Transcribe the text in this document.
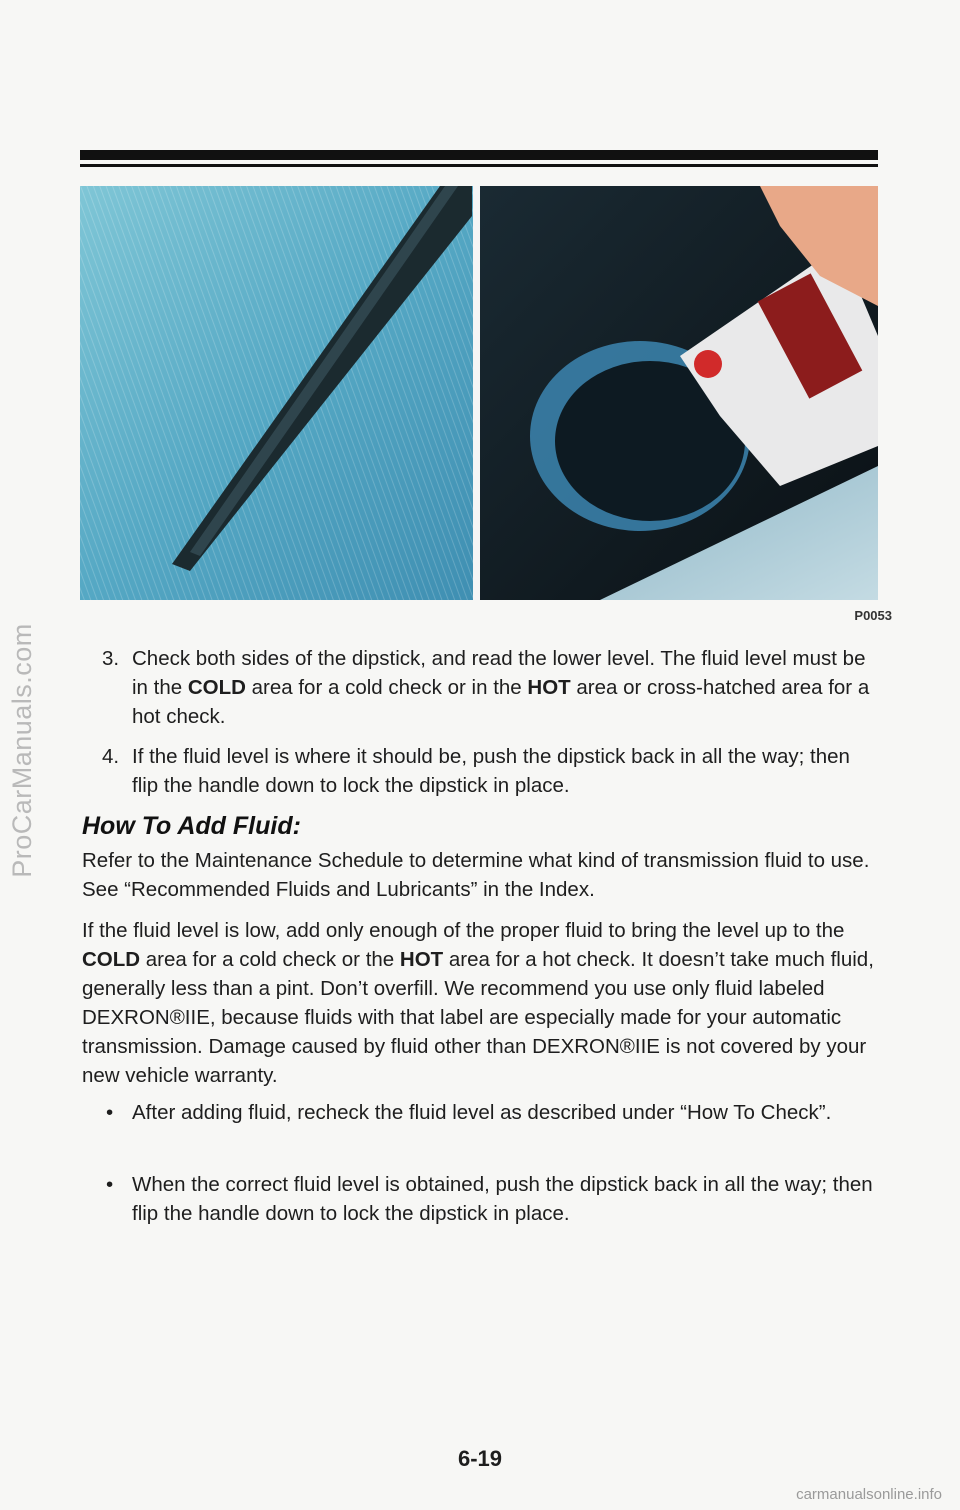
ProCarManuals.com
P0053
3. Check both sides of the dipstick, and read the lower level. The fluid level must be in the COLD area for a cold check or in the HOT area or cross-hatched area for a hot check.
4. If the fluid level is where it should be, push the dipstick back in all the way; then flip the handle down to lock the dipstick in place.
How To Add Fluid:
Refer to the Maintenance Schedule to determine what kind of transmission fluid to use. See “Recommended Fluids and Lubricants” in the Index.
If the fluid level is low, add only enough of the proper fluid to bring the level up to the COLD area for a cold check or the HOT area for a hot check. It doesn’t take much fluid, generally less than a pint. Don’t overfill. We recommend you use only fluid labeled DEXRON®IIE, because fluids with that label are especially made for your automatic transmission. Damage caused by fluid other than DEXRON®IIE is not covered by your new vehicle warranty.
• After adding fluid, recheck the fluid level as described under “How To Check”.
• When the correct fluid level is obtained, push the dipstick back in all the way; then flip the handle down to lock the dipstick in place.
6-19
carmanualsonline.info
